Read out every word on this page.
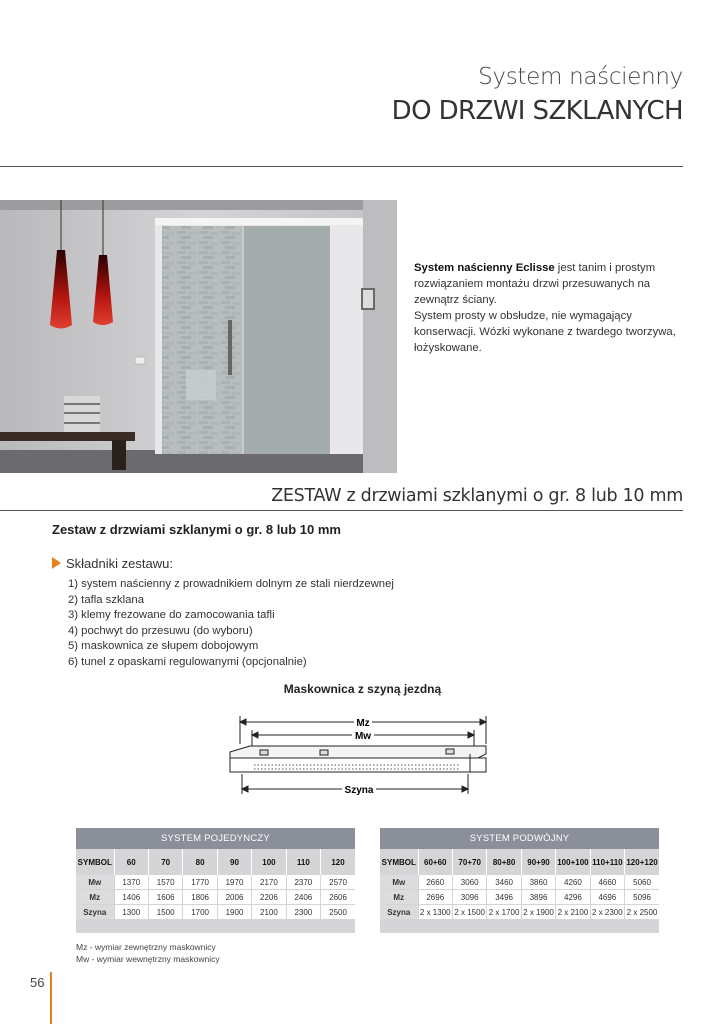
System naścienny
DO DRZWI SZKLANYCH
System naścienny Eclisse jest tanim i prostym rozwiązaniem montażu drzwi przesuwanych na zewnątrz ściany.
System prosty w obsłudze, nie wymagający konserwacji. Wózki wykonane z twardego tworzywa, łożyskowane.
ZESTAW z drzwiami szklanymi o gr. 8 lub 10 mm
Zestaw z drzwiami szklanymi o gr. 8 lub 10 mm
Składniki zestawu:
1) system naścienny z prowadnikiem dolnym ze stali nierdzewnej
2) tafla szklana
3) klemy frezowane do zamocowania tafli
4) pochwyt do przesuwu (do wyboru)
5) maskownica ze słupem dobojowym
6) tunel z opaskami regulowanymi (opcjonalnie)
Maskownica z szyną jezdną
Mz
Mw
Szyna
SYSTEM POJEDYNCZY
SYMBOL	60	70	80	90	100	110	120
Mw	1370	1570	1770	1970	2170	2370	2570
Mz	1406	1606	1806	2006	2206	2406	2606
Szyna	1300	1500	1700	1900	2100	2300	2500
SYSTEM PODWÓJNY
SYMBOL	60+60	70+70	80+80	90+90	100+100	110+110	120+120
Mw	2660	3060	3460	3860	4260	4660	5060
Mz	2696	3096	3496	3896	4296	4696	5096
Szyna	2 x 1300	2 x 1500	2 x 1700	2 x 1900	2 x 2100	2 x 2300	2 x 2500
Mz - wymiar zewnętrzny maskownicy
Mw - wymiar wewnętrzny maskownicy
56
